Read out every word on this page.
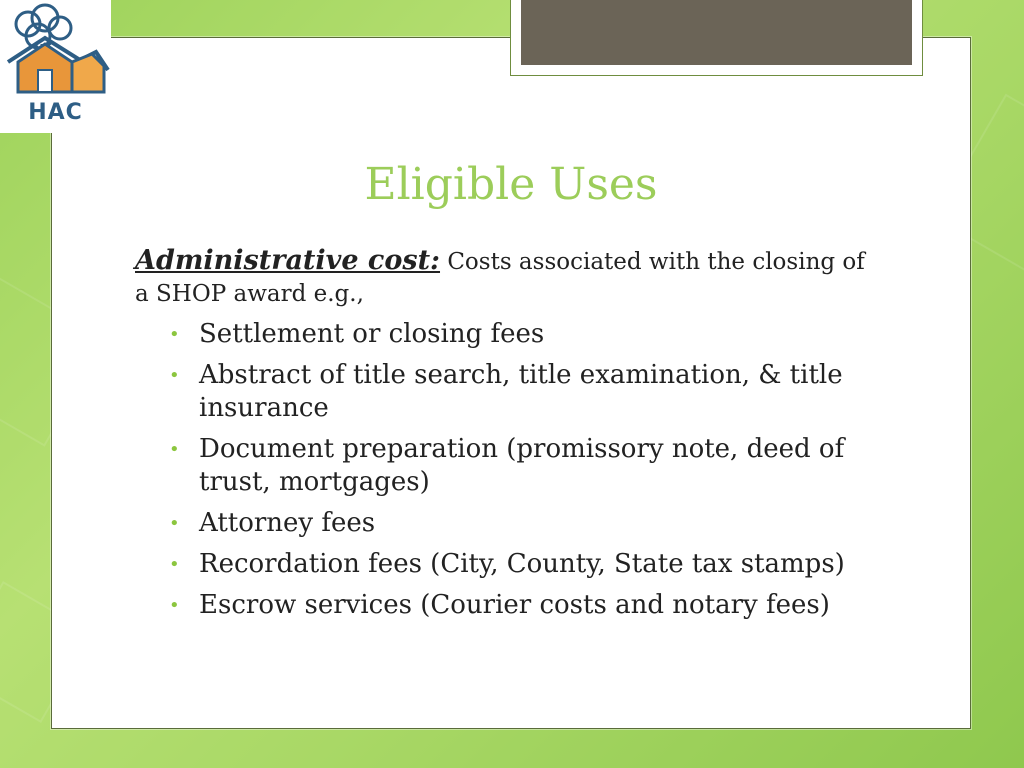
HAC
Eligible Uses
Administrative cost: Costs associated with the closing of a SHOP award e.g.,
• Settlement or closing fees
• Abstract of title search, title examination, & title insurance
• Document preparation (promissory note, deed of trust, mortgages)
• Attorney fees
• Recordation fees (City, County, State tax stamps)
• Escrow services (Courier costs and notary fees)
